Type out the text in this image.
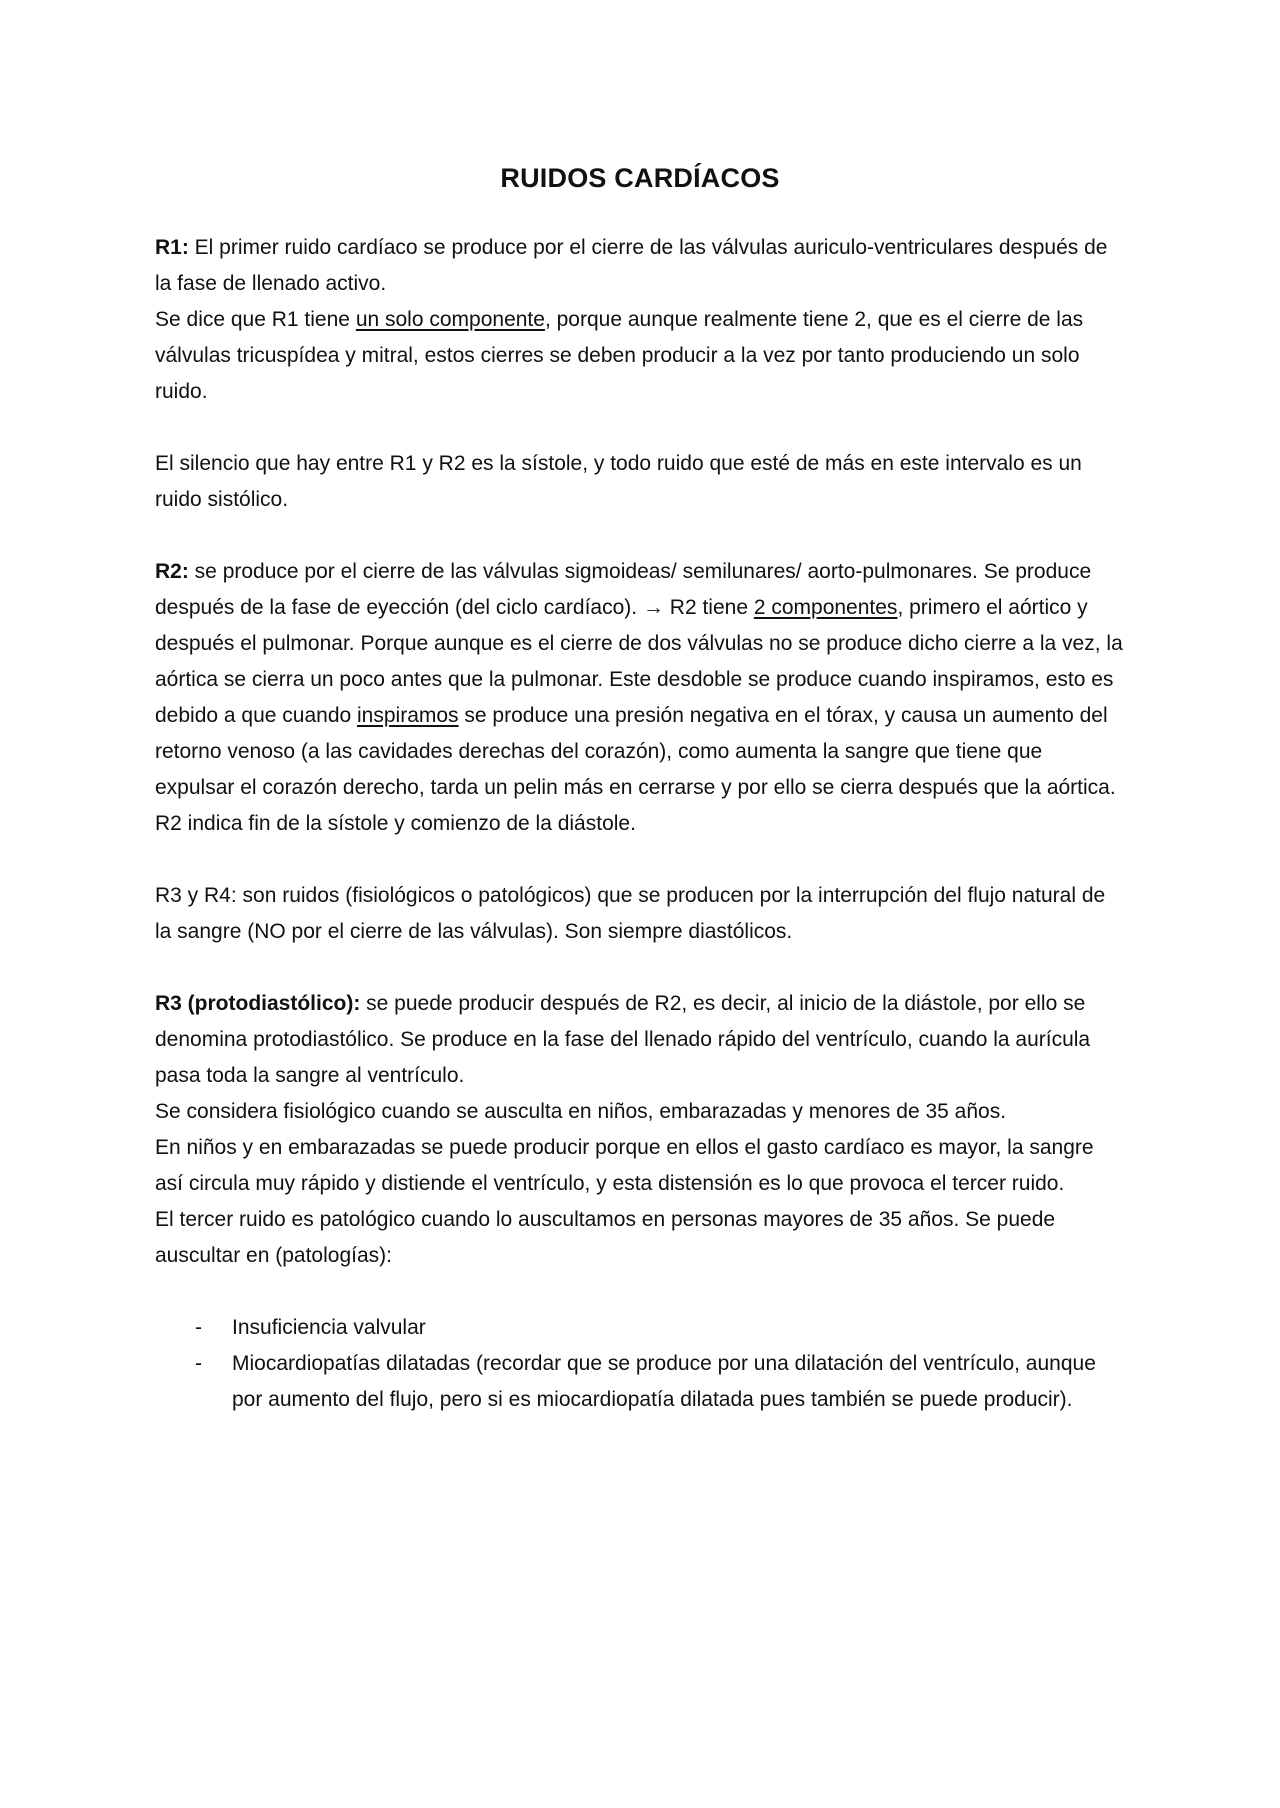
RUIDOS CARDÍACOS

R1: El primer ruido cardíaco se produce por el cierre de las válvulas auriculo-ventriculares después de la fase de llenado activo.

Se dice que R1 tiene un solo componente, porque aunque realmente tiene 2, que es el cierre de las válvulas tricuspídea y mitral, estos cierres se deben producir a la vez por tanto produciendo un solo ruido.

El silencio que hay entre R1 y R2 es la sístole, y todo ruido que esté de más en este intervalo es un ruido sistólico.

R2: se produce por el cierre de las válvulas sigmoideas/ semilunares/ aorto-pulmonares. Se produce después de la fase de eyección (del ciclo cardíaco). → R2 tiene 2 componentes, primero el aórtico y después el pulmonar. Porque aunque es el cierre de dos válvulas no se produce dicho cierre a la vez, la aórtica se cierra un poco antes que la pulmonar. Este desdoble se produce cuando inspiramos, esto es debido a que cuando inspiramos se produce una presión negativa en el tórax, y causa un aumento del retorno venoso (a las cavidades derechas del corazón), como aumenta la sangre que tiene que expulsar el corazón derecho, tarda un pelin más en cerrarse y por ello se cierra después que la aórtica.

R2 indica fin de la sístole y comienzo de la diástole.

R3 y R4: son ruidos (fisiológicos o patológicos) que se producen por la interrupción del flujo natural de la sangre (NO por el cierre de las válvulas). Son siempre diastólicos.

R3 (protodiastólico): se puede producir después de R2, es decir, al inicio de la diástole, por ello se denomina protodiastólico. Se produce en la fase del llenado rápido del ventrículo, cuando la aurícula pasa toda la sangre al ventrículo.

Se considera fisiológico cuando se ausculta en niños, embarazadas y menores de 35 años.

En niños y en embarazadas se puede producir porque en ellos el gasto cardíaco es mayor, la sangre así circula muy rápido y distiende el ventrículo, y esta distensión es lo que provoca el tercer ruido.

El tercer ruido es patológico cuando lo auscultamos en personas mayores de 35 años. Se puede auscultar en (patologías):

- Insuficiencia valvular
- Miocardiopatías dilatadas (recordar que se produce por una dilatación del ventrículo, aunque por aumento del flujo, pero si es miocardiopatía dilatada pues también se puede producir).
